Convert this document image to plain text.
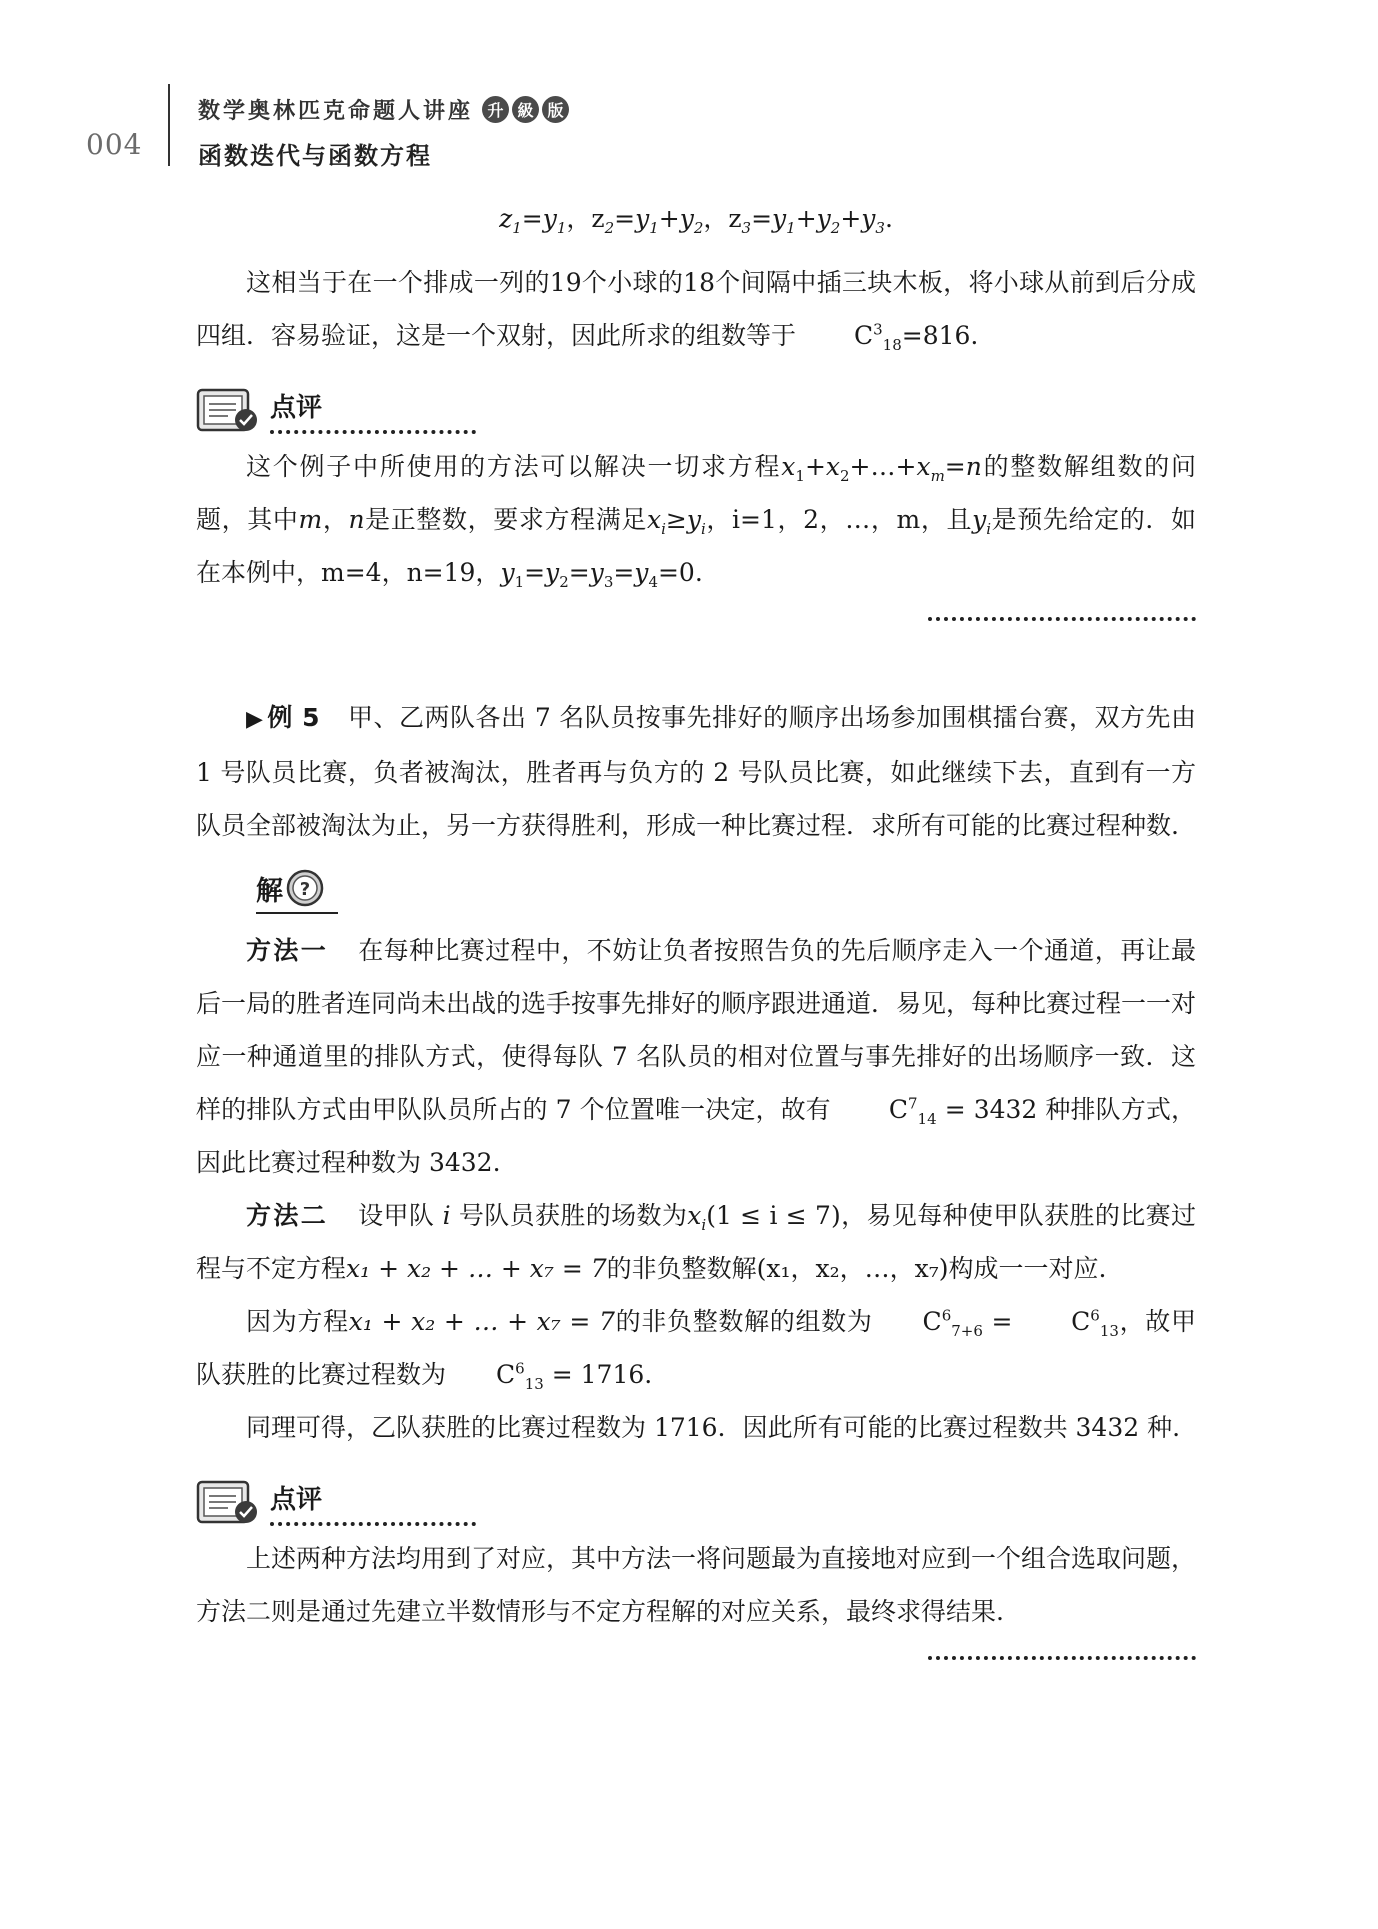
004
数学奥林匹克命题人讲座 升 級 版
函数迭代与函数方程
$z_1=y_1$，$z_2=y_1+y_2$，$z_3=y_1+y_2+y_3$.

这相当于在一个排成一列的19个小球的18个间隔中插三块木板，将小球从前到后分成四组．容易验证，这是一个双射，因此所求的组数等于 $C^3_{18}=816$.

点评

这个例子中所使用的方法可以解决一切求方程$x_1+x_2+\dots+x_m=n$的整数解组数的问题，其中m，n是正整数，要求方程满足$x_i\ge y_i$，i=1，2，…，m，且$y_i$是预先给定的．如在本例中，m=4，n=19，$y_1=y_2=y_3=y_4=0$.

▶ 例 5 甲、乙两队各出 7 名队员按事先排好的顺序出场参加围棋擂台赛，双方先由 1 号队员比赛，负者被淘汰，胜者再与负方的 2 号队员比赛，如此继续下去，直到有一方队员全部被淘汰为止，另一方获得胜利，形成一种比赛过程．求所有可能的比赛过程种数.

解 ?

方法一 在每种比赛过程中，不妨让负者按照告负的先后顺序走入一个通道，再让最后一局的胜者连同尚未出战的选手按事先排好的顺序跟进通道．易见，每种比赛过程一一对应一种通道里的排队方式，使得每队 7 名队员的相对位置与事先排好的出场顺序一致．这样的排队方式由甲队队员所占的 7 个位置唯一决定，故有 $C^7_{14} = 3432$ 种排队方式，因此比赛过程种数为 3432.

方法二 设甲队 i 号队员获胜的场数为$x_i(1 \le i \le 7)$，易见每种使甲队获胜的比赛过程与不定方程x₁ + x₂ + … + x₇ = 7的非负整数解(x₁，x₂，…，x₇)构成一一对应.

因为方程x₁ + x₂ + … + x₇ = 7的非负整数解的组数为 $C^6_{7+6} = C^6_{13}$，故甲队获胜的比赛过程数为 $C^6_{13} = 1716$.

同理可得，乙队获胜的比赛过程数为 1716．因此所有可能的比赛过程数共 3432 种.

点评

上述两种方法均用到了对应，其中方法一将问题最为直接地对应到一个组合选取问题，方法二则是通过先建立半数情形与不定方程解的对应关系，最终求得结果.
